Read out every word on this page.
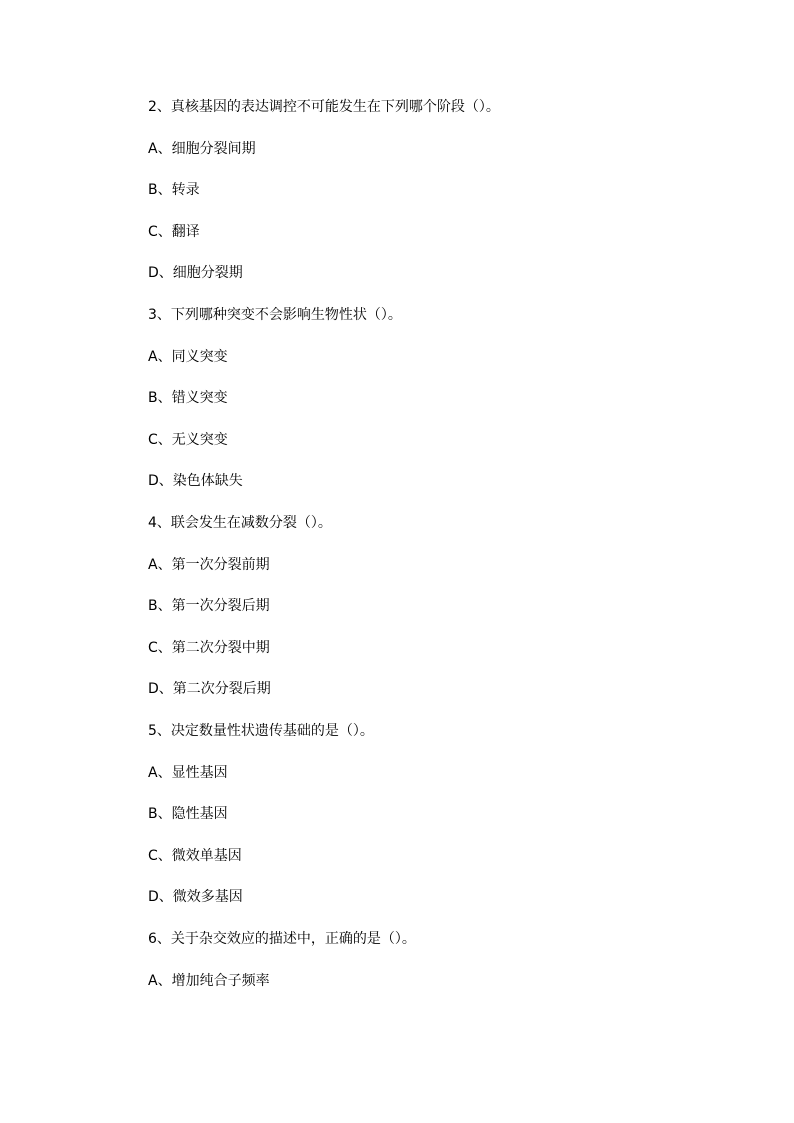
2、真核基因的表达调控不可能发生在下列哪个阶段（）。
A、细胞分裂间期
B、转录
C、翻译
D、细胞分裂期
3、下列哪种突变不会影响生物性状（）。
A、同义突变
B、错义突变
C、无义突变
D、染色体缺失
4、联会发生在减数分裂（）。
A、第一次分裂前期
B、第一次分裂后期
C、第二次分裂中期
D、第二次分裂后期
5、决定数量性状遗传基础的是（）。
A、显性基因
B、隐性基因
C、微效单基因
D、微效多基因
6、关于杂交效应的描述中，正确的是（）。
A、增加纯合子频率
